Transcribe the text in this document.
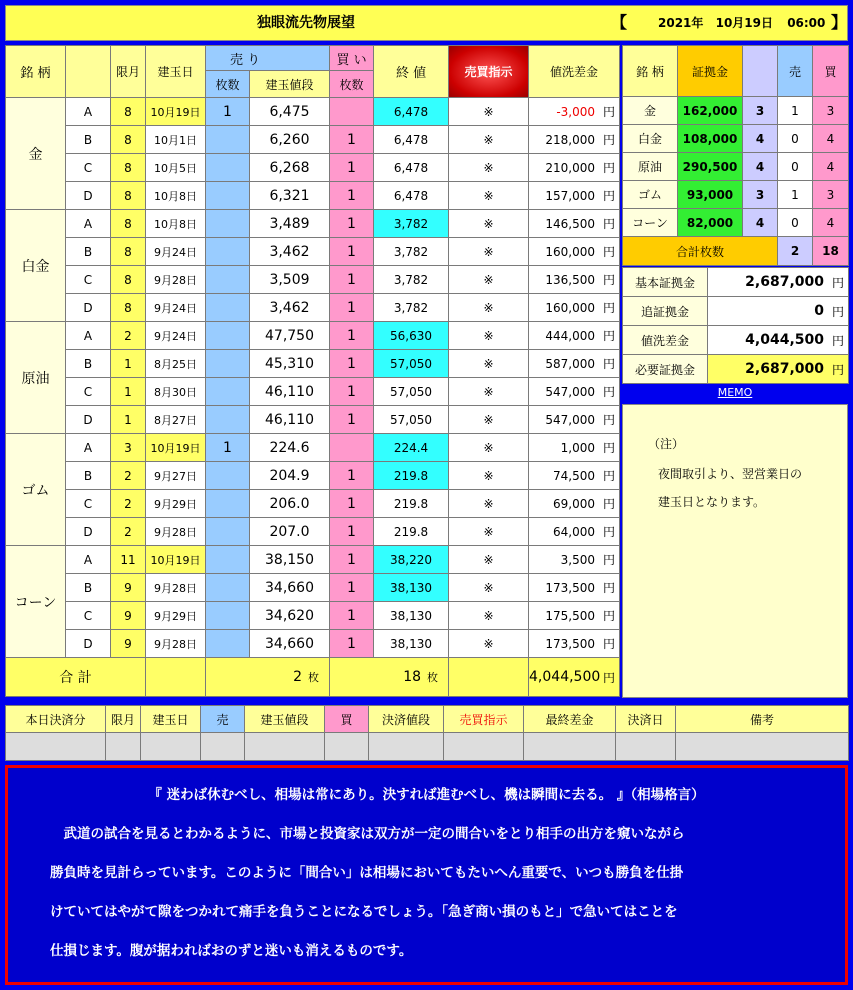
独眼流先物展望	【	2021年 10月19日 06:00 】
銘 柄		限月	建玉日	売 り		買 い	終 値	売買指示	値洗差金
				枚数	建玉値段	枚数			
金	A	8	10月19日	1	6,475		6,478	※	-3,000 円

	B	8	10月1日		6,260	1	6,478	※	218,000 円

	C	8	10月5日		6,268	1	6,478	※	210,000 円

	D	8	10月8日		6,321	1	6,478	※	157,000 円

白金	A	8	10月8日		3,489	1	3,782	※	146,500 円

	B	8	9月24日		3,462	1	3,782	※	160,000 円

	C	8	9月28日		3,509	1	3,782	※	136,500 円

	D	8	9月24日		3,462	1	3,782	※	160,000 円

原油	A	2	9月24日		47,750	1	56,630	※	444,000 円

	B	1	8月25日		45,310	1	57,050	※	587,000 円

	C	1	8月30日		46,110	1	57,050	※	547,000 円

	D	1	8月27日		46,110	1	57,050	※	547,000 円

ゴム	A	3	10月19日	1	224.6		224.4	※	1,000 円

	B	2	9月27日		204.9	1	219.8	※	74,500 円

	C	2	9月29日		206.0	1	219.8	※	69,000 円

	D	2	9月28日		207.0	1	219.8	※	64,000 円

コーン	A	11	10月19日		38,150	1	38,220	※	3,500 円

	B	9	9月28日		34,660	1	38,130	※	173,500 円

	C	9	9月29日		34,620	1	38,130	※	175,500 円

	D	9	9月28日		34,660	1	38,130	※	173,500 円

合 計				2 枚		18 枚			4,044,500 円
銘 柄	証拠金		売	買
金	162,000	3	1	3
白金	108,000	4	0	4
原油	290,500	4	0	4
ゴム	93,000	3	1	3
コーン	82,000	4	0	4
合計枚数			2	18
基本証拠金	2,687,000 円

追証拠金	0 円

値洗差金	4,044,500 円

必要証拠金	2,687,000 円
MEMO
（注）
夜間取引より、翌営業日の
建玉日となります。
本日決済分	限月	建玉日	売	建玉値段	買	決済値段	売買指示	最終差金	決済日	備考

『 迷わば休むべし、相場は常にあり。決すれば進むべし、機は瞬間に去る。 』（相場格言）

　武道の試合を見るとわかるように、市場と投資家は双方が一定の間合いをとり相手の出方を窺いながら

勝負時を見計らっています。このように「間合い」は相場においてもたいへん重要で、いつも勝負を仕掛

けていてはやがて隙をつかれて痛手を負うことになるでしょう。「急ぎ商い損のもと」で急いてはことを

仕損じます。腹が据わればおのずと迷いも消えるものです。
